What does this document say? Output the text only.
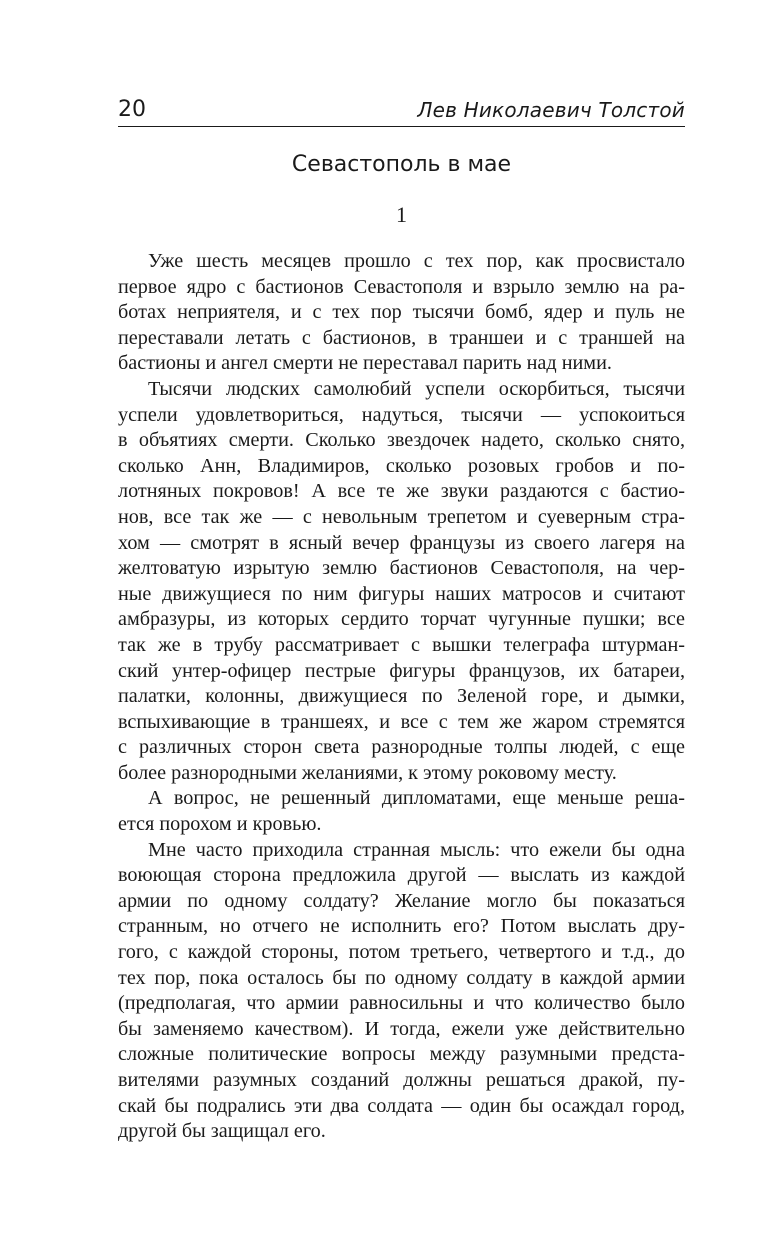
20	Лев Николаевич Толстой
Севастополь в мае
1
Уже шесть месяцев прошло с тех пор, как просвистало
первое ядро с бастионов Севастополя и взрыло землю на ра-
ботах неприятеля, и с тех пор тысячи бомб, ядер и пуль не
переставали летать с бастионов, в траншеи и с траншей на
бастионы и ангел смерти не переставал парить над ними.
Тысячи людских самолюбий успели оскорбиться, тысячи
успели удовлетвориться, надуться, тысячи — успокоиться
в объятиях смерти. Сколько звездочек надето, сколько снято,
сколько Анн, Владимиров, сколько розовых гробов и по-
лотняных покровов! А все те же звуки раздаются с бастио-
нов, все так же — с невольным трепетом и суеверным стра-
хом — смотрят в ясный вечер французы из своего лагеря на
желтоватую изрытую землю бастионов Севастополя, на чер-
ные движущиеся по ним фигуры наших матросов и считают
амбразуры, из которых сердито торчат чугунные пушки; все
так же в трубу рассматривает с вышки телеграфа штурман-
ский унтер-офицер пестрые фигуры французов, их батареи,
палатки, колонны, движущиеся по Зеленой горе, и дымки,
вспыхивающие в траншеях, и все с тем же жаром стремятся
с различных сторон света разнородные толпы людей, с еще
более разнородными желаниями, к этому роковому месту.
А вопрос, не решенный дипломатами, еще меньше реша-
ется порохом и кровью.
Мне часто приходила странная мысль: что ежели бы одна
воюющая сторона предложила другой — выслать из каждой
армии по одному солдату? Желание могло бы показаться
странным, но отчего не исполнить его? Потом выслать дру-
гого, с каждой стороны, потом третьего, четвертого и т.д., до
тех пор, пока осталось бы по одному солдату в каждой армии
(предполагая, что армии равносильны и что количество было
бы заменяемо качеством). И тогда, ежели уже действительно
сложные политические вопросы между разумными предста-
вителями разумных созданий должны решаться дракой, пу-
скай бы подрались эти два солдата — один бы осаждал город,
другой бы защищал его.
